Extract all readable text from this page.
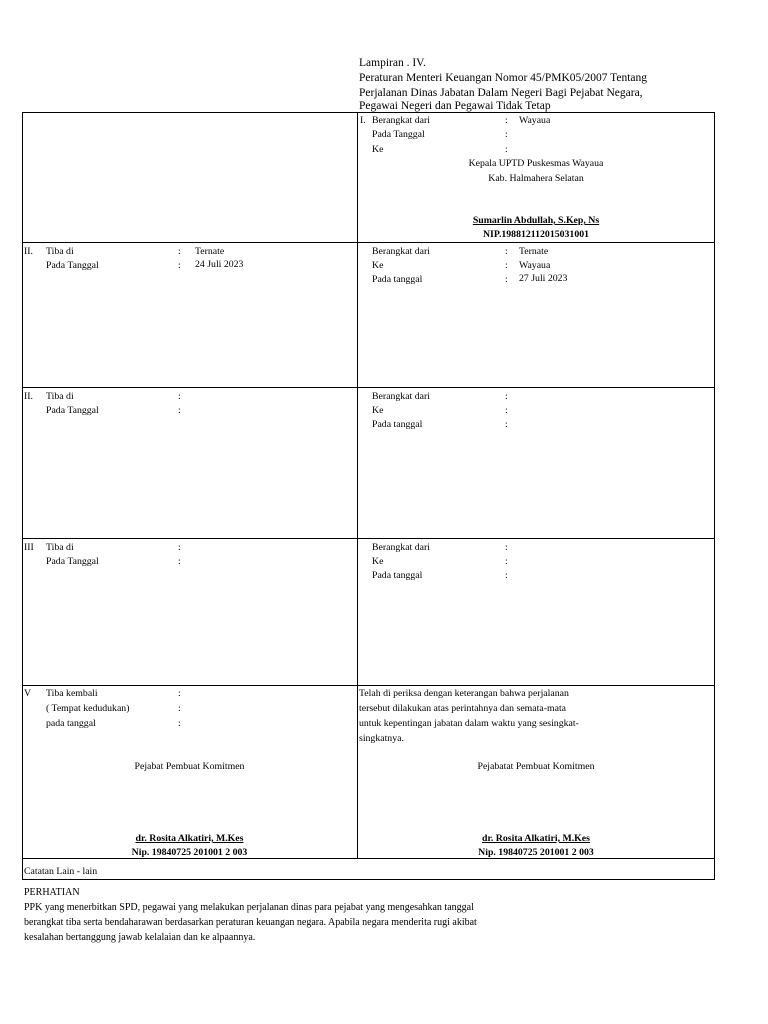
Lampiran . IV.
Peraturan Menteri Keuangan Nomor 45/PMK05/2007 Tentang
Perjalanan Dinas Jabatan Dalam Negeri Bagi Pejabat Negara,
Pegawai Negeri dan Pegawai Tidak Tetap
I. Berangkat dari	: Wayaua
Pada Tanggal	:
Ke	:
Kepala UPTD Puskesmas Wayaua
Kab. Halmahera Selatan
Sumarlin Abdullah, S.Kep, Ns
NIP.198812112015031001
II. Tiba di	: Ternate
Pada Tanggal	: 24 Juli 2023
Berangkat dari	: Ternate
Ke	: Wayaua
Pada tanggal	: 27 Juli 2023
II. Tiba di	:
Pada Tanggal	:
Berangkat dari	:
Ke	:
Pada tanggal	:
III Tiba di	:
Pada Tanggal	:
Berangkat dari	:
Ke	:
Pada tanggal	:
V Tiba kembali	:
( Tempat kedudukan)	:
pada tanggal	:
Pejabat Pembuat Komitmen
dr. Rosita Alkatiri, M.Kes
Nip. 19840725 201001 2 003
Telah di periksa dengan keterangan bahwa perjalanan
tersebut dilakukan atas perintahnya dan semata-mata
untuk kepentingan jabatan dalam waktu yang sesingkat-
singkatnya.
Pejabatat Pembuat Komitmen
dr. Rosita Alkatiri, M.Kes
Nip. 19840725 201001 2 003
Catatan Lain - lain
PERHATIAN
PPK yang menerbitkan SPD, pegawai yang melakukan perjalanan dinas para pejabat yang mengesahkan tanggal
berangkat tiba serta bendaharawan berdasarkan peraturan keuangan negara. Apabila negara menderita rugi akibat
kesalahan bertanggung jawab kelalaian dan ke alpaannya.
